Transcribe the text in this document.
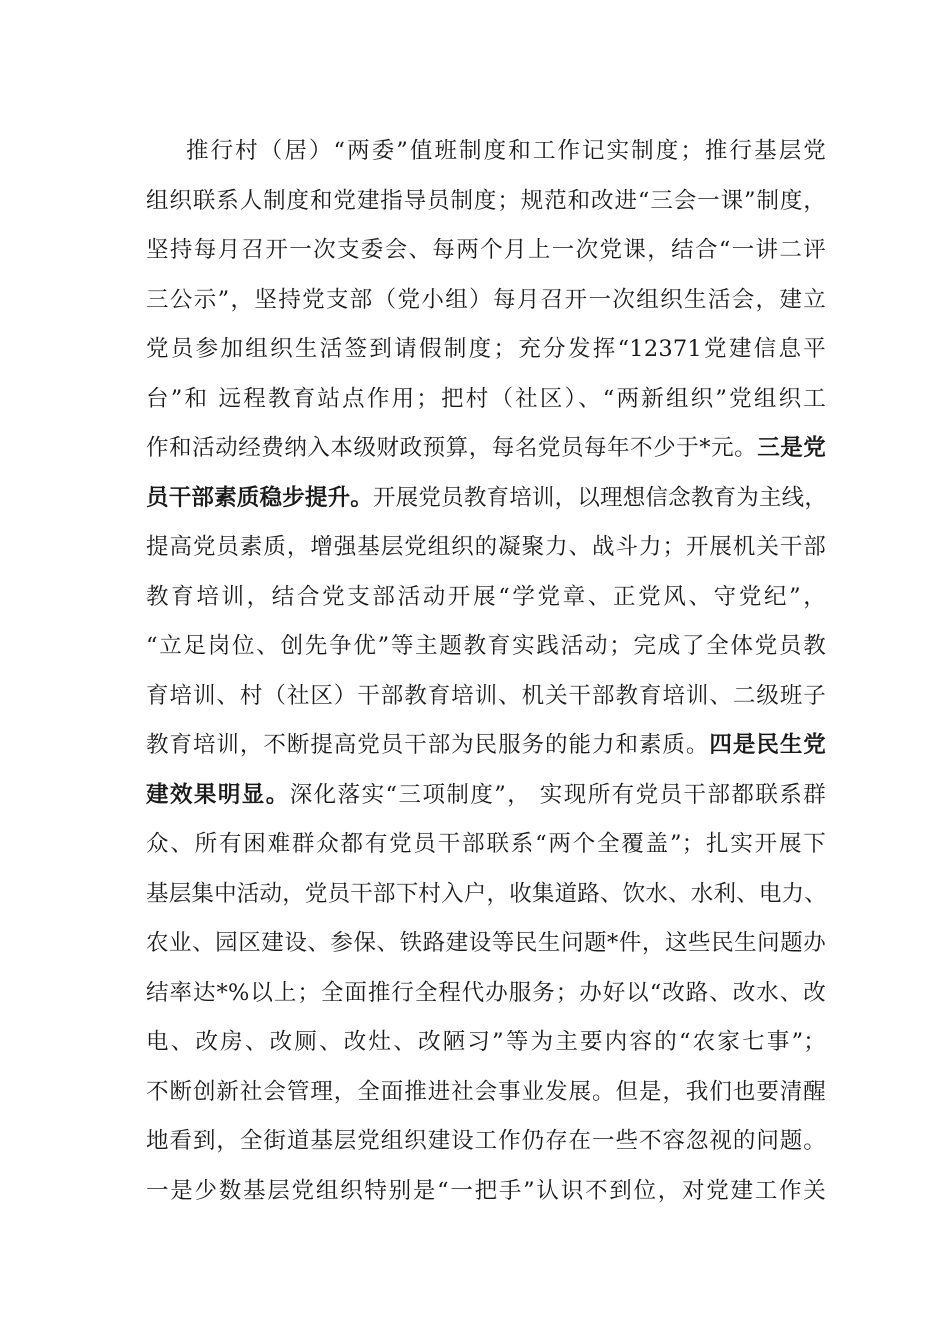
推行村（居）“两委”值班制度和工作记实制度；推行基层党
组织联系人制度和党建指导员制度；规范和改进“三会一课”制度，
坚持每月召开一次支委会、每两个月上一次党课，结合“一讲二评
三公示”，坚持党支部（党小组）每月召开一次组织生活会，建立
党员参加组织生活签到请假制度；充分发挥“12371党建信息平
台”和 远程教育站点作用；把村（社区）、“两新组织”党组织工
作和活动经费纳入本级财政预算，每名党员每年不少于*元。三是党
员干部素质稳步提升。开展党员教育培训，以理想信念教育为主线，
提高党员素质，增强基层党组织的凝聚力、战斗力；开展机关干部
教育培训，结合党支部活动开展“学党章、正党风、守党纪”，
“立足岗位、创先争优”等主题教育实践活动；完成了全体党员教
育培训、村（社区）干部教育培训、机关干部教育培训、二级班子
教育培训，不断提高党员干部为民服务的能力和素质。四是民生党
建效果明显。深化落实“三项制度”， 实现所有党员干部都联系群
众、所有困难群众都有党员干部联系“两个全覆盖”；扎实开展下
基层集中活动，党员干部下村入户，收集道路、饮水、水利、电力、
农业、园区建设、参保、铁路建设等民生问题*件，这些民生问题办
结率达*%以上；全面推行全程代办服务；办好以“改路、改水、改
电、改房、改厕、改灶、改陋习”等为主要内容的“农家七事”；
不断创新社会管理，全面推进社会事业发展。但是，我们也要清醒
地看到，全街道基层党组织建设工作仍存在一些不容忽视的问题。
一是少数基层党组织特别是“一把手”认识不到位，对党建工作关
